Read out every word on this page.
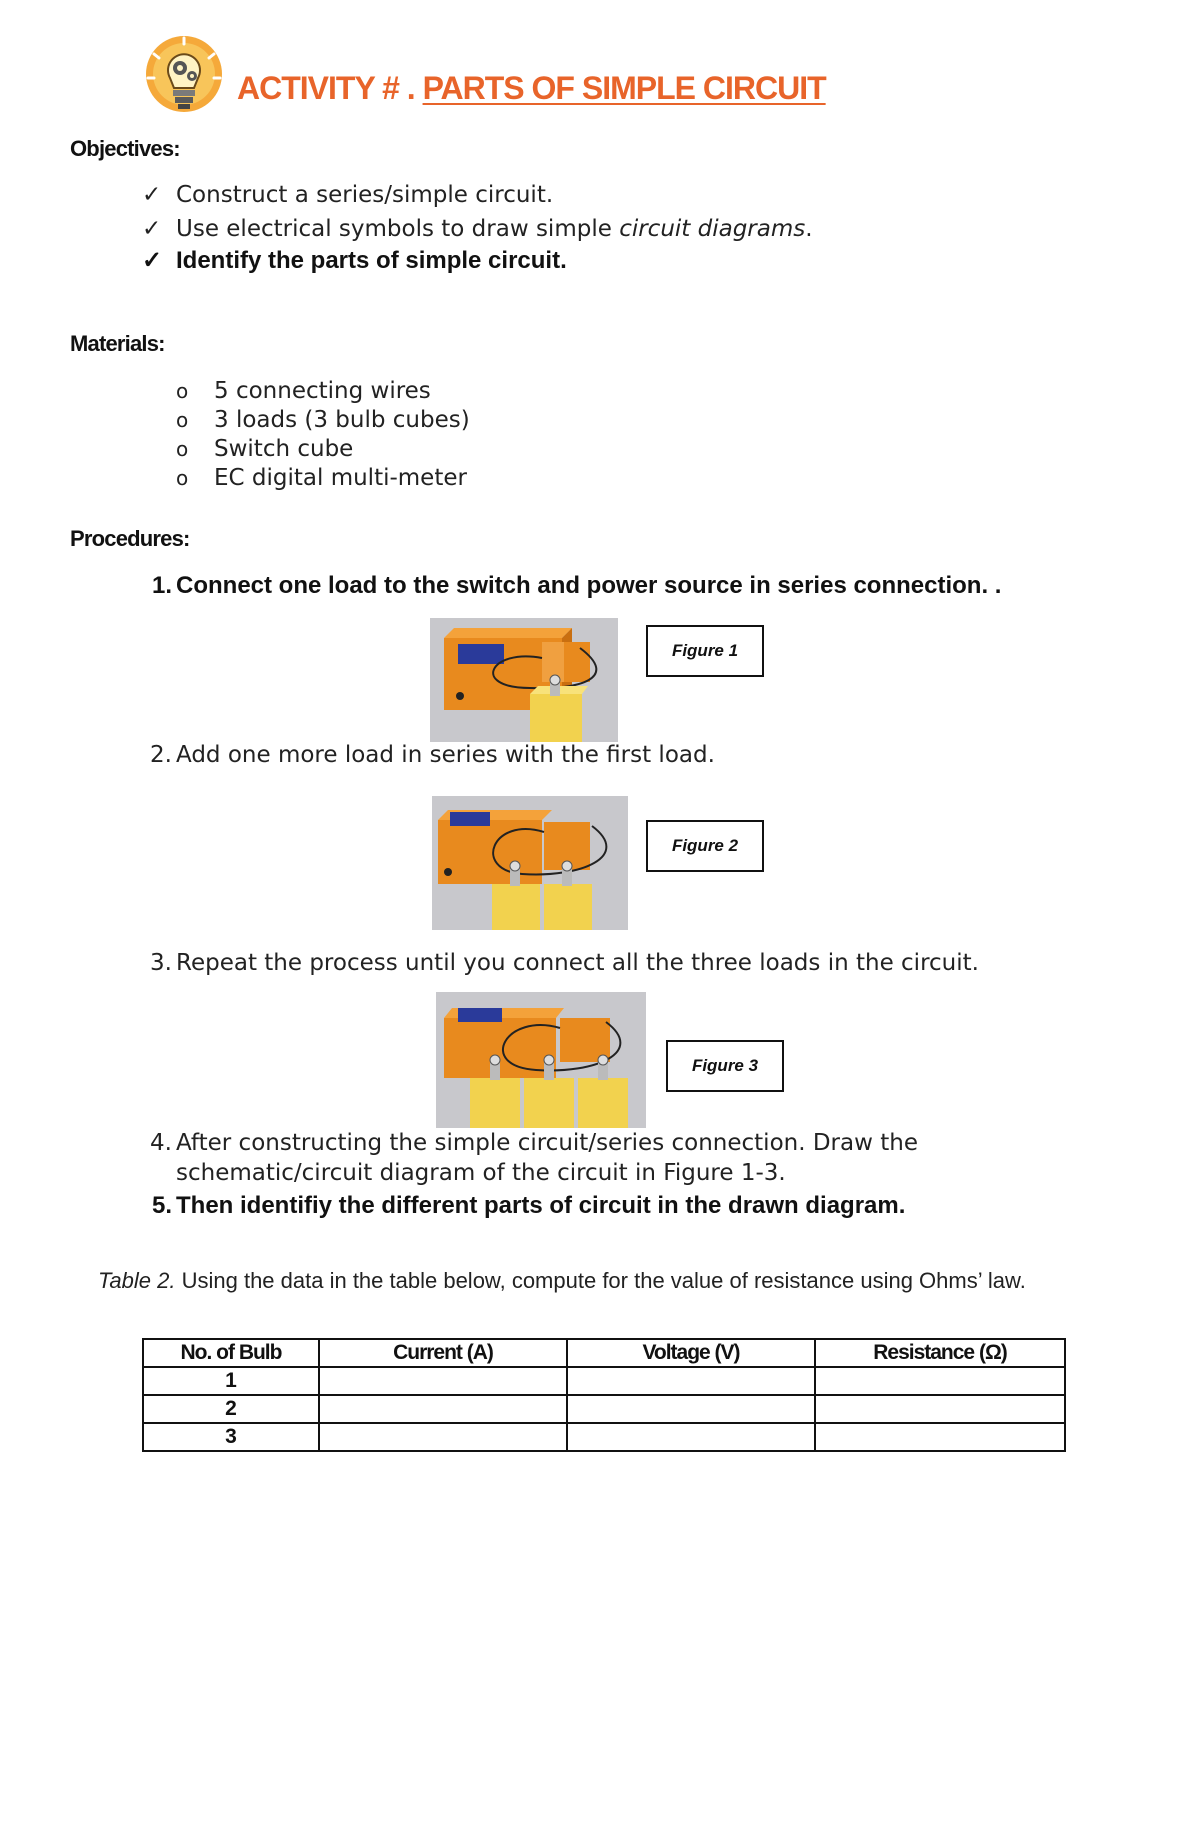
ACTIVITY # . PARTS OF SIMPLE CIRCUIT
Objectives:
✓ Construct a series/simple circuit.
✓ Use electrical symbols to draw simple circuit diagrams.
✓ Identify the parts of simple circuit.
Materials:
o 5 connecting wires
o 3 loads (3 bulb cubes)
o Switch cube
o EC digital multi-meter
Procedures:
1. Connect one load to the switch and power source in series connection. .
Figure 1
2. Add one more load in series with the first load.
Figure 2
3. Repeat the process until you connect all the three loads in the circuit.
Figure 3
4. After constructing the simple circuit/series connection. Draw the
schematic/circuit diagram of the circuit in Figure 1-3.
5. Then identifiy the different parts of circuit in the drawn diagram.
Table 2. Using the data in the table below, compute for the value of resistance using Ohms’ law.
No. of Bulb	Current (A)	Voltage (V)	Resistance (Ω)
1			
2			
3			
